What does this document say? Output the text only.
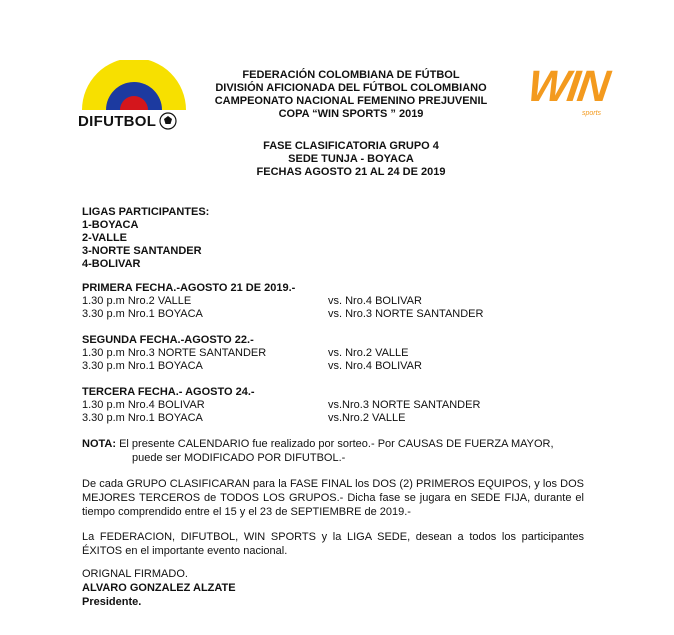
DIFUTBOL
WIN
sports
FEDERACIÓN COLOMBIANA DE FÚTBOL
DIVISIÓN AFICIONADA DEL FÚTBOL COLOMBIANO
CAMPEONATO NACIONAL FEMENINO PREJUVENIL
COPA “WIN SPORTS ” 2019
FASE CLASIFICATORIA GRUPO 4
SEDE TUNJA - BOYACA
FECHAS AGOSTO 21 AL 24 DE 2019
LIGAS PARTICIPANTES:
1-BOYACA
2-VALLE
3-NORTE SANTANDER
4-BOLIVAR
PRIMERA FECHA.-AGOSTO 21 DE 2019.-
1.30 p.m Nro.2 VALLE	vs. Nro.4 BOLIVAR
3.30 p.m Nro.1 BOYACA	vs. Nro.3 NORTE SANTANDER
SEGUNDA FECHA.-AGOSTO 22.-
1.30 p.m Nro.3 NORTE SANTANDER	vs. Nro.2 VALLE
3.30 p.m Nro.1 BOYACA	vs. Nro.4 BOLIVAR
TERCERA FECHA.- AGOSTO 24.-
1.30 p.m Nro.4 BOLIVAR	vs.Nro.3 NORTE SANTANDER
3.30 p.m Nro.1 BOYACA	vs.Nro.2 VALLE
NOTA: El presente CALENDARIO fue realizado por sorteo.- Por CAUSAS DE FUERZA MAYOR,
puede ser MODIFICADO POR DIFUTBOL.-
De cada GRUPO CLASIFICARAN para la FASE FINAL los DOS (2) PRIMEROS EQUIPOS, y los DOS MEJORES TERCEROS de TODOS LOS GRUPOS.- Dicha fase se jugara en SEDE FIJA, durante el tiempo comprendido entre el 15 y el 23 de SEPTIEMBRE de 2019.-
La FEDERACION, DIFUTBOL, WIN SPORTS y la LIGA SEDE, desean a todos los participantes ÉXITOS en el importante evento nacional.
ORIGNAL FIRMADO.
ALVARO GONZALEZ ALZATE
Presidente.
